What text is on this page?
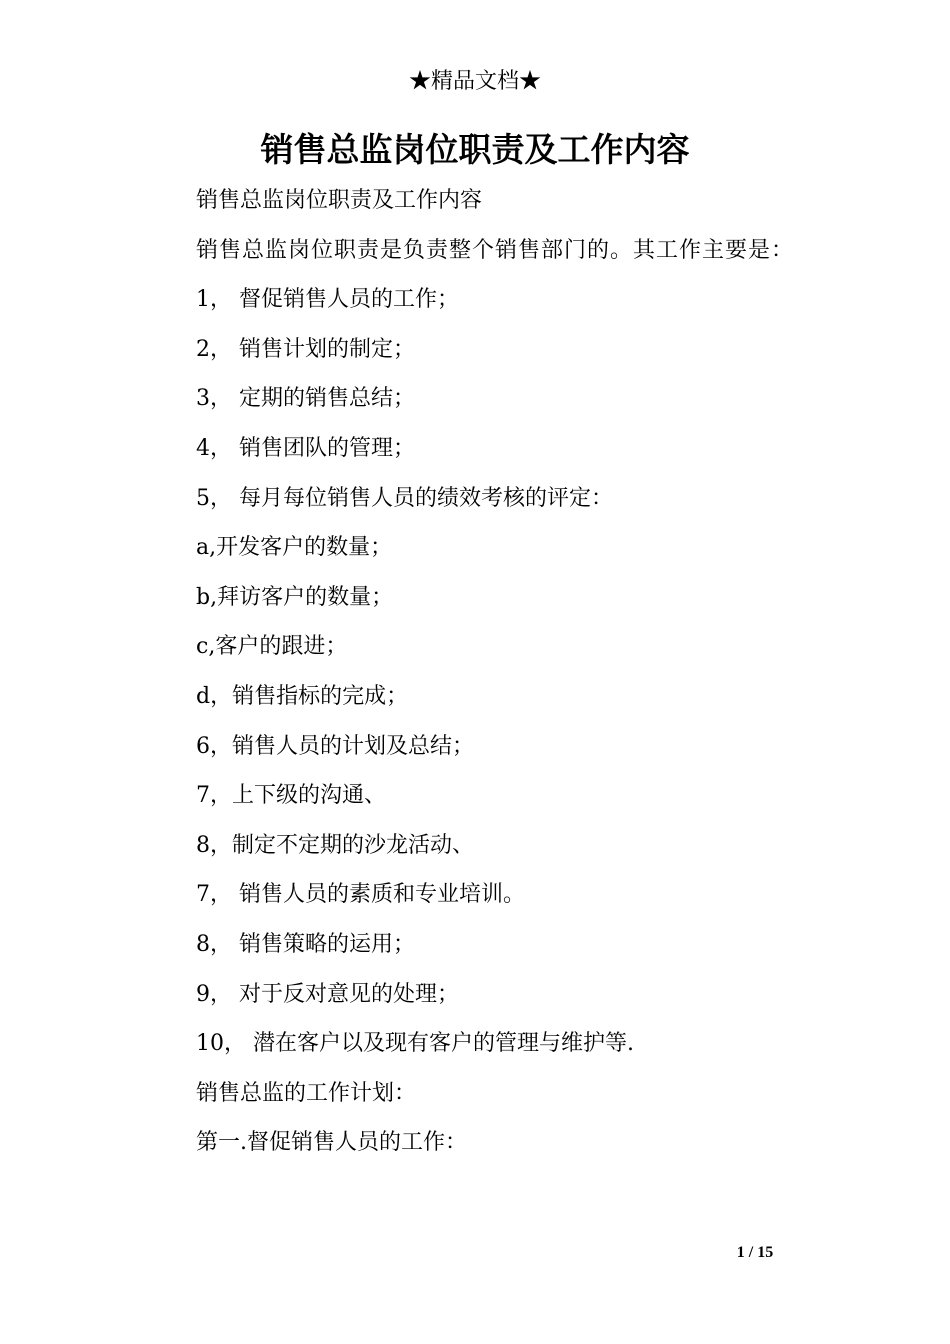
★精品文档★
销售总监岗位职责及工作内容

销售总监岗位职责及工作内容

销售总监岗位职责是负责整个销售部门的。其工作主要是：

1， 督促销售人员的工作；

2， 销售计划的制定；

3， 定期的销售总结；

4， 销售团队的管理；

5， 每月每位销售人员的绩效考核的评定：

a,开发客户的数量；

b,拜访客户的数量；

c,客户的跟进；

d，销售指标的完成；

6，销售人员的计划及总结；

7，上下级的沟通、

8，制定不定期的沙龙活动、

7， 销售人员的素质和专业培训。

8， 销售策略的运用；

9， 对于反对意见的处理；

10， 潜在客户以及现有客户的管理与维护等.

销售总监的工作计划：

第一.督促销售人员的工作：

1 / 15
